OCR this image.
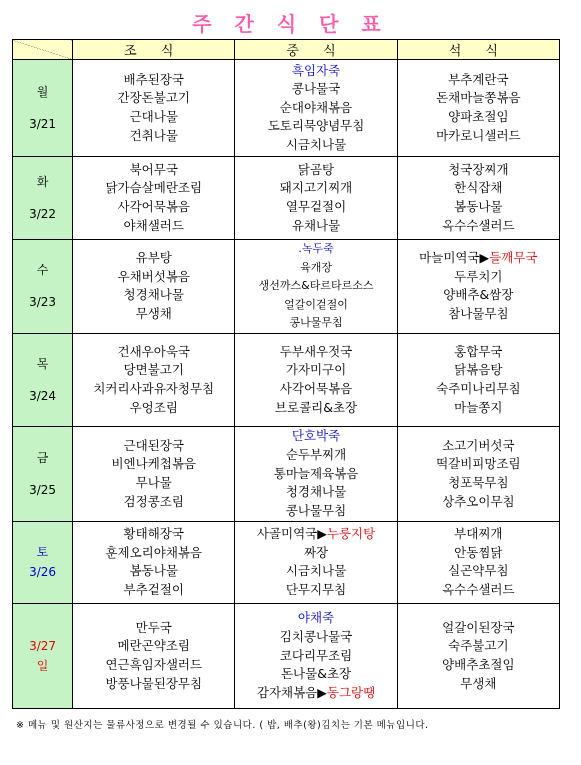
주 간 식 단 표
	조 식	중 식	석 식

월
3/21	배추된장국
간장돈불고기
근대나물
건취나물	흑임자죽
콩나물국
순대야채볶음
도토리묵양념무침
시금치나물	부추계란국
돈채마늘쫑볶음
양파초절임
마카로니샐러드

화
3/22	북어무국
닭가슴살메란조림
사각어묵볶음
야채샐러드	닭곰탕
돼지고기찌개
열무겉절이
유채나물	청국장찌개
한식잡채
봄동나물
옥수수샐러드

수
3/23	유부탕
우채버섯볶음
청경채나물
무생채	.녹두죽
육개장
생선까스&타르타르소스
얼갈이겉절이
콩나물무침	마늘미역국▶들깨무국
두루치기
양배추&쌈장
참나물무침

목
3/24	건새우아욱국
당면불고기
치커리사과유자청무침
우엉조림	두부새우젓국
가자미구이
사각어묵볶음
브로콜리&초장	홍합무국
닭볶음탕
숙주미나리무침
마늘쫑지

금
3/25	근대된장국
비엔나케첩볶음
무나물
검정콩조림	단호박죽
순두부찌개
통마늘제육볶음
청경채나물
콩나물무침	소고기버섯국
떡갈비피망조림
청포묵무침
상추오이무침

토
3/26	황태해장국
훈제오리야채볶음
봄동나물
부추겉절이	사골미역국▶누룽지탕
짜장
시금치나물
단무지무침	부대찌개
안동찜닭
실곤약무침
옥수수샐러드

3/27
일	만두국
메란곤약조림
연근흑임자샐러드
방풍나물된장무침	야채죽
김치콩나물국
코다리무조림
돈나물&초장
감자채볶음▶동그랑땡	얼갈이된장국
숙주불고기
양배추초절임
무생채
※ 메뉴 및 원산지는 물류사정으로 변경될 수 있습니다. ( 밥, 배추(왕)김치는 기본 메뉴입니다.
